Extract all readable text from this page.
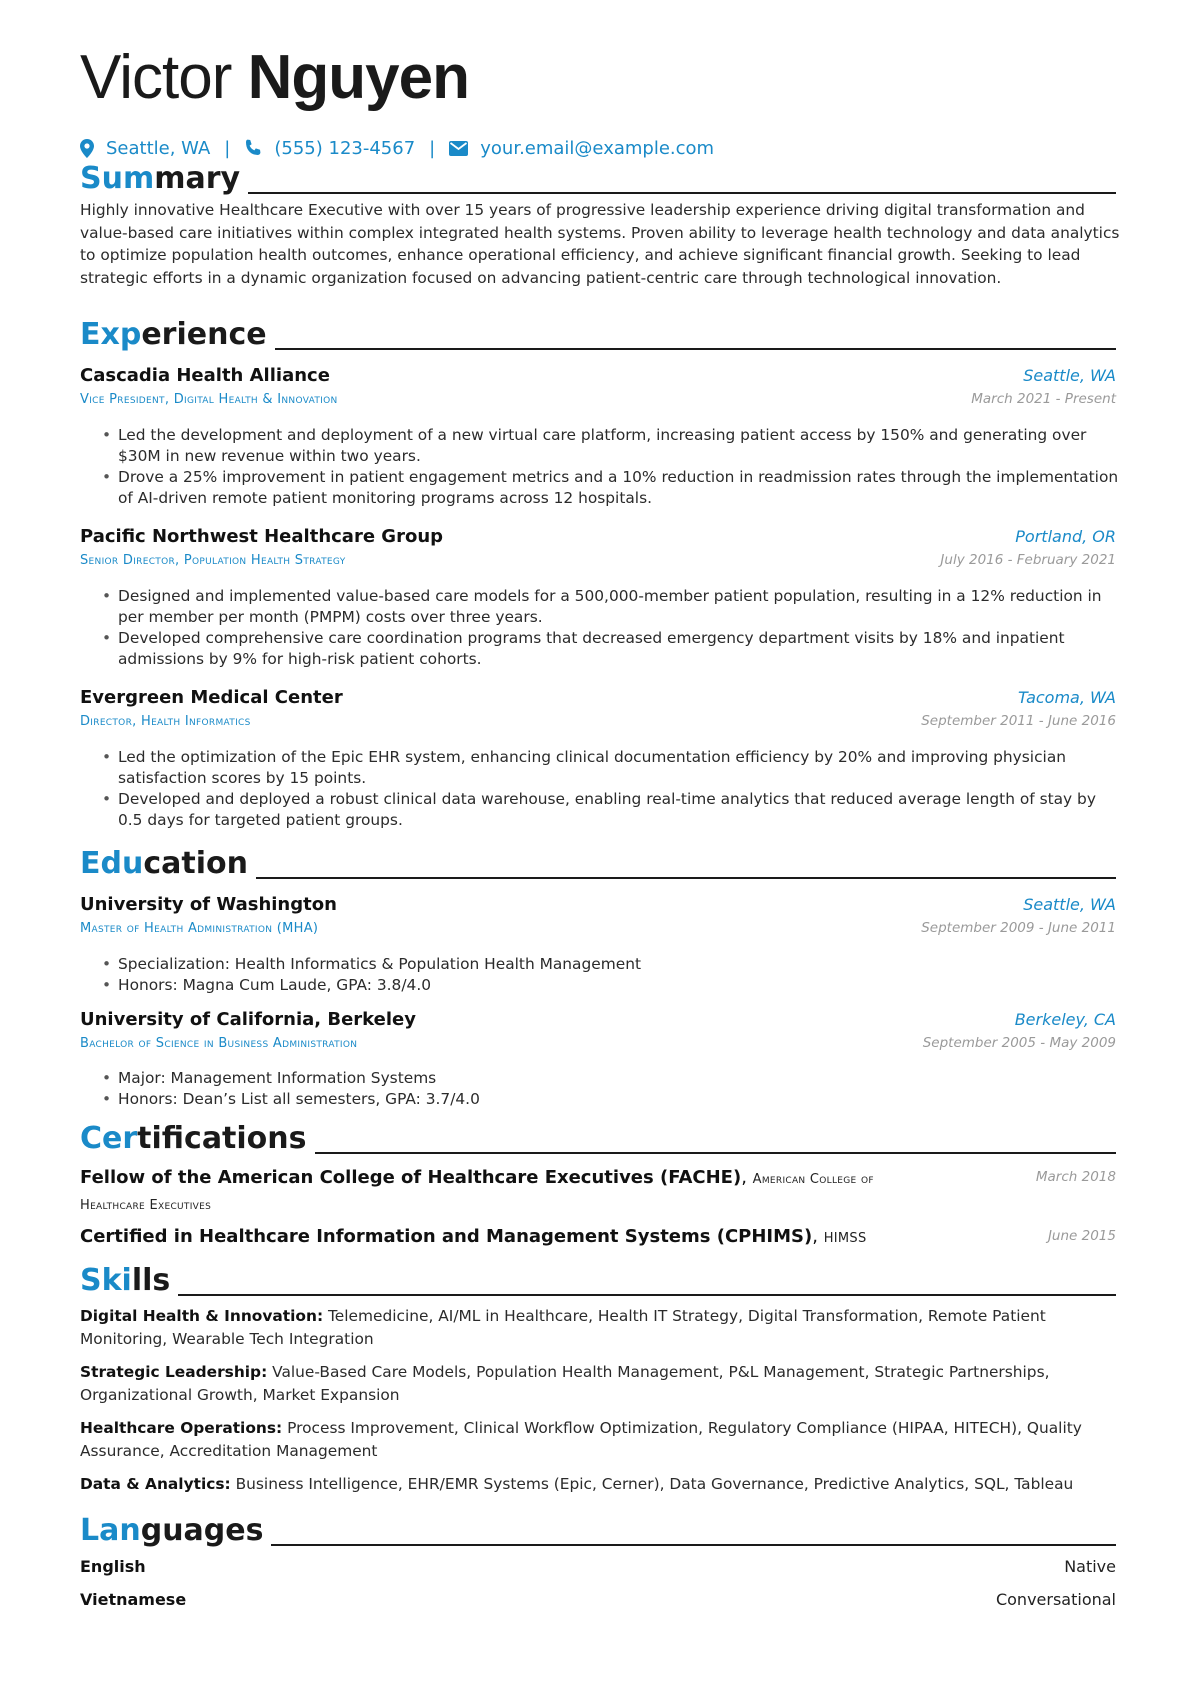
Victor Nguyen
Seattle, WA | (555) 123-4567 |	your.email@example.com
Summary
Highly innovative Healthcare Executive with over 15 years of progressive leadership experience driving digital transformation and value-based care initiatives within complex integrated health systems. Proven ability to leverage health technology and data analytics to optimize population health outcomes, enhance operational efficiency, and achieve significant financial growth. Seeking to lead strategic efforts in a dynamic organization focused on advancing patient-centric care through technological innovation.
Experience
Cascadia Health Alliance	Seattle, WA
Vice President, Digital Health & Innovation	March 2021 - Present
• Led the development and deployment of a new virtual care platform, increasing patient access by 150% and generating over $30M in new revenue within two years.
• Drove a 25% improvement in patient engagement metrics and a 10% reduction in readmission rates through the implementation of AI-driven remote patient monitoring programs across 12 hospitals.
Pacific Northwest Healthcare Group	Portland, OR
Senior Director, Population Health Strategy	July 2016 - February 2021
• Designed and implemented value-based care models for a 500,000-member patient population, resulting in a 12% reduction in per member per month (PMPM) costs over three years.
• Developed comprehensive care coordination programs that decreased emergency department visits by 18% and inpatient admissions by 9% for high-risk patient cohorts.
Evergreen Medical Center	Tacoma, WA
Director, Health Informatics	September 2011 - June 2016
• Led the optimization of the Epic EHR system, enhancing clinical documentation efficiency by 20% and improving physician satisfaction scores by 15 points.
• Developed and deployed a robust clinical data warehouse, enabling real-time analytics that reduced average length of stay by 0.5 days for targeted patient groups.
Education
University of Washington	Seattle, WA
Master of Health Administration (MHA)	September 2009 - June 2011
• Specialization: Health Informatics & Population Health Management
• Honors: Magna Cum Laude, GPA: 3.8/4.0
University of California, Berkeley	Berkeley, CA
Bachelor of Science in Business Administration	September 2005 - May 2009
• Major: Management Information Systems
• Honors: Dean’s List all semesters, GPA: 3.7/4.0
Certifications
Fellow of the American College of Healthcare Executives (FACHE), American College of Healthcare Executives
March 2018
Certified in Healthcare Information and Management Systems (CPHIMS), HIMSS	June 2015
Skills
Digital Health & Innovation: Telemedicine, AI/ML in Healthcare, Health IT Strategy, Digital Transformation, Remote Patient Monitoring, Wearable Tech Integration
Strategic Leadership: Value-Based Care Models, Population Health Management, P&L Management, Strategic Partnerships, Organizational Growth, Market Expansion
Healthcare Operations: Process Improvement, Clinical Workflow Optimization, Regulatory Compliance (HIPAA, HITECH), Quality Assurance, Accreditation Management
Data & Analytics: Business Intelligence, EHR/EMR Systems (Epic, Cerner), Data Governance, Predictive Analytics, SQL, Tableau
Languages
English	Native
Vietnamese	Conversational
